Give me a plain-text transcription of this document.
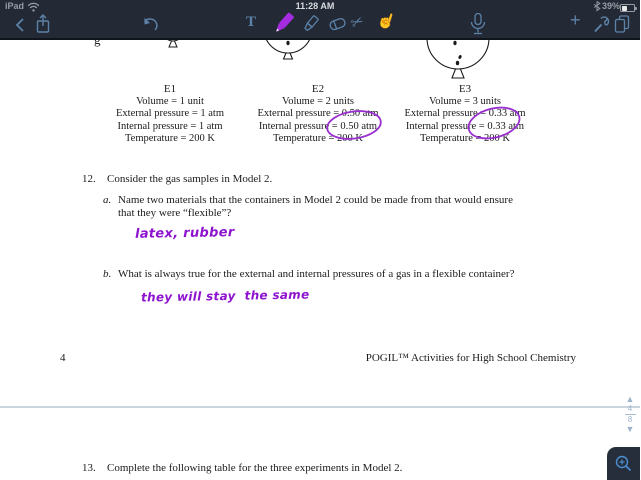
iPad	11:28 AM	39%
T	✂ ☝	+
E1
Volume = 1 unit
External pressure = 1 atm
Internal pressure = 1 atm
Temperature = 200 K
E2
Volume = 2 units
External pressure = 0.50 atm
Internal pressure = 0.50 atm
Temperature = 200 K
E3
Volume = 3 units
External pressure = 0.33 atm
Internal pressure = 0.33 atm
Temperature = 200 K
12. Consider the gas samples in Model 2.
a. Name two materials that the containers in Model 2 could be made from that would ensure
that they were “flexible”?
latex, rubber
b. What is always true for the external and internal pressures of a gas in a flexible container?
they will stay  the same
4	POGIL™ Activities for High School Chemistry
13. Complete the following table for the three experiments in Model 2.
▲
4
8
▼
